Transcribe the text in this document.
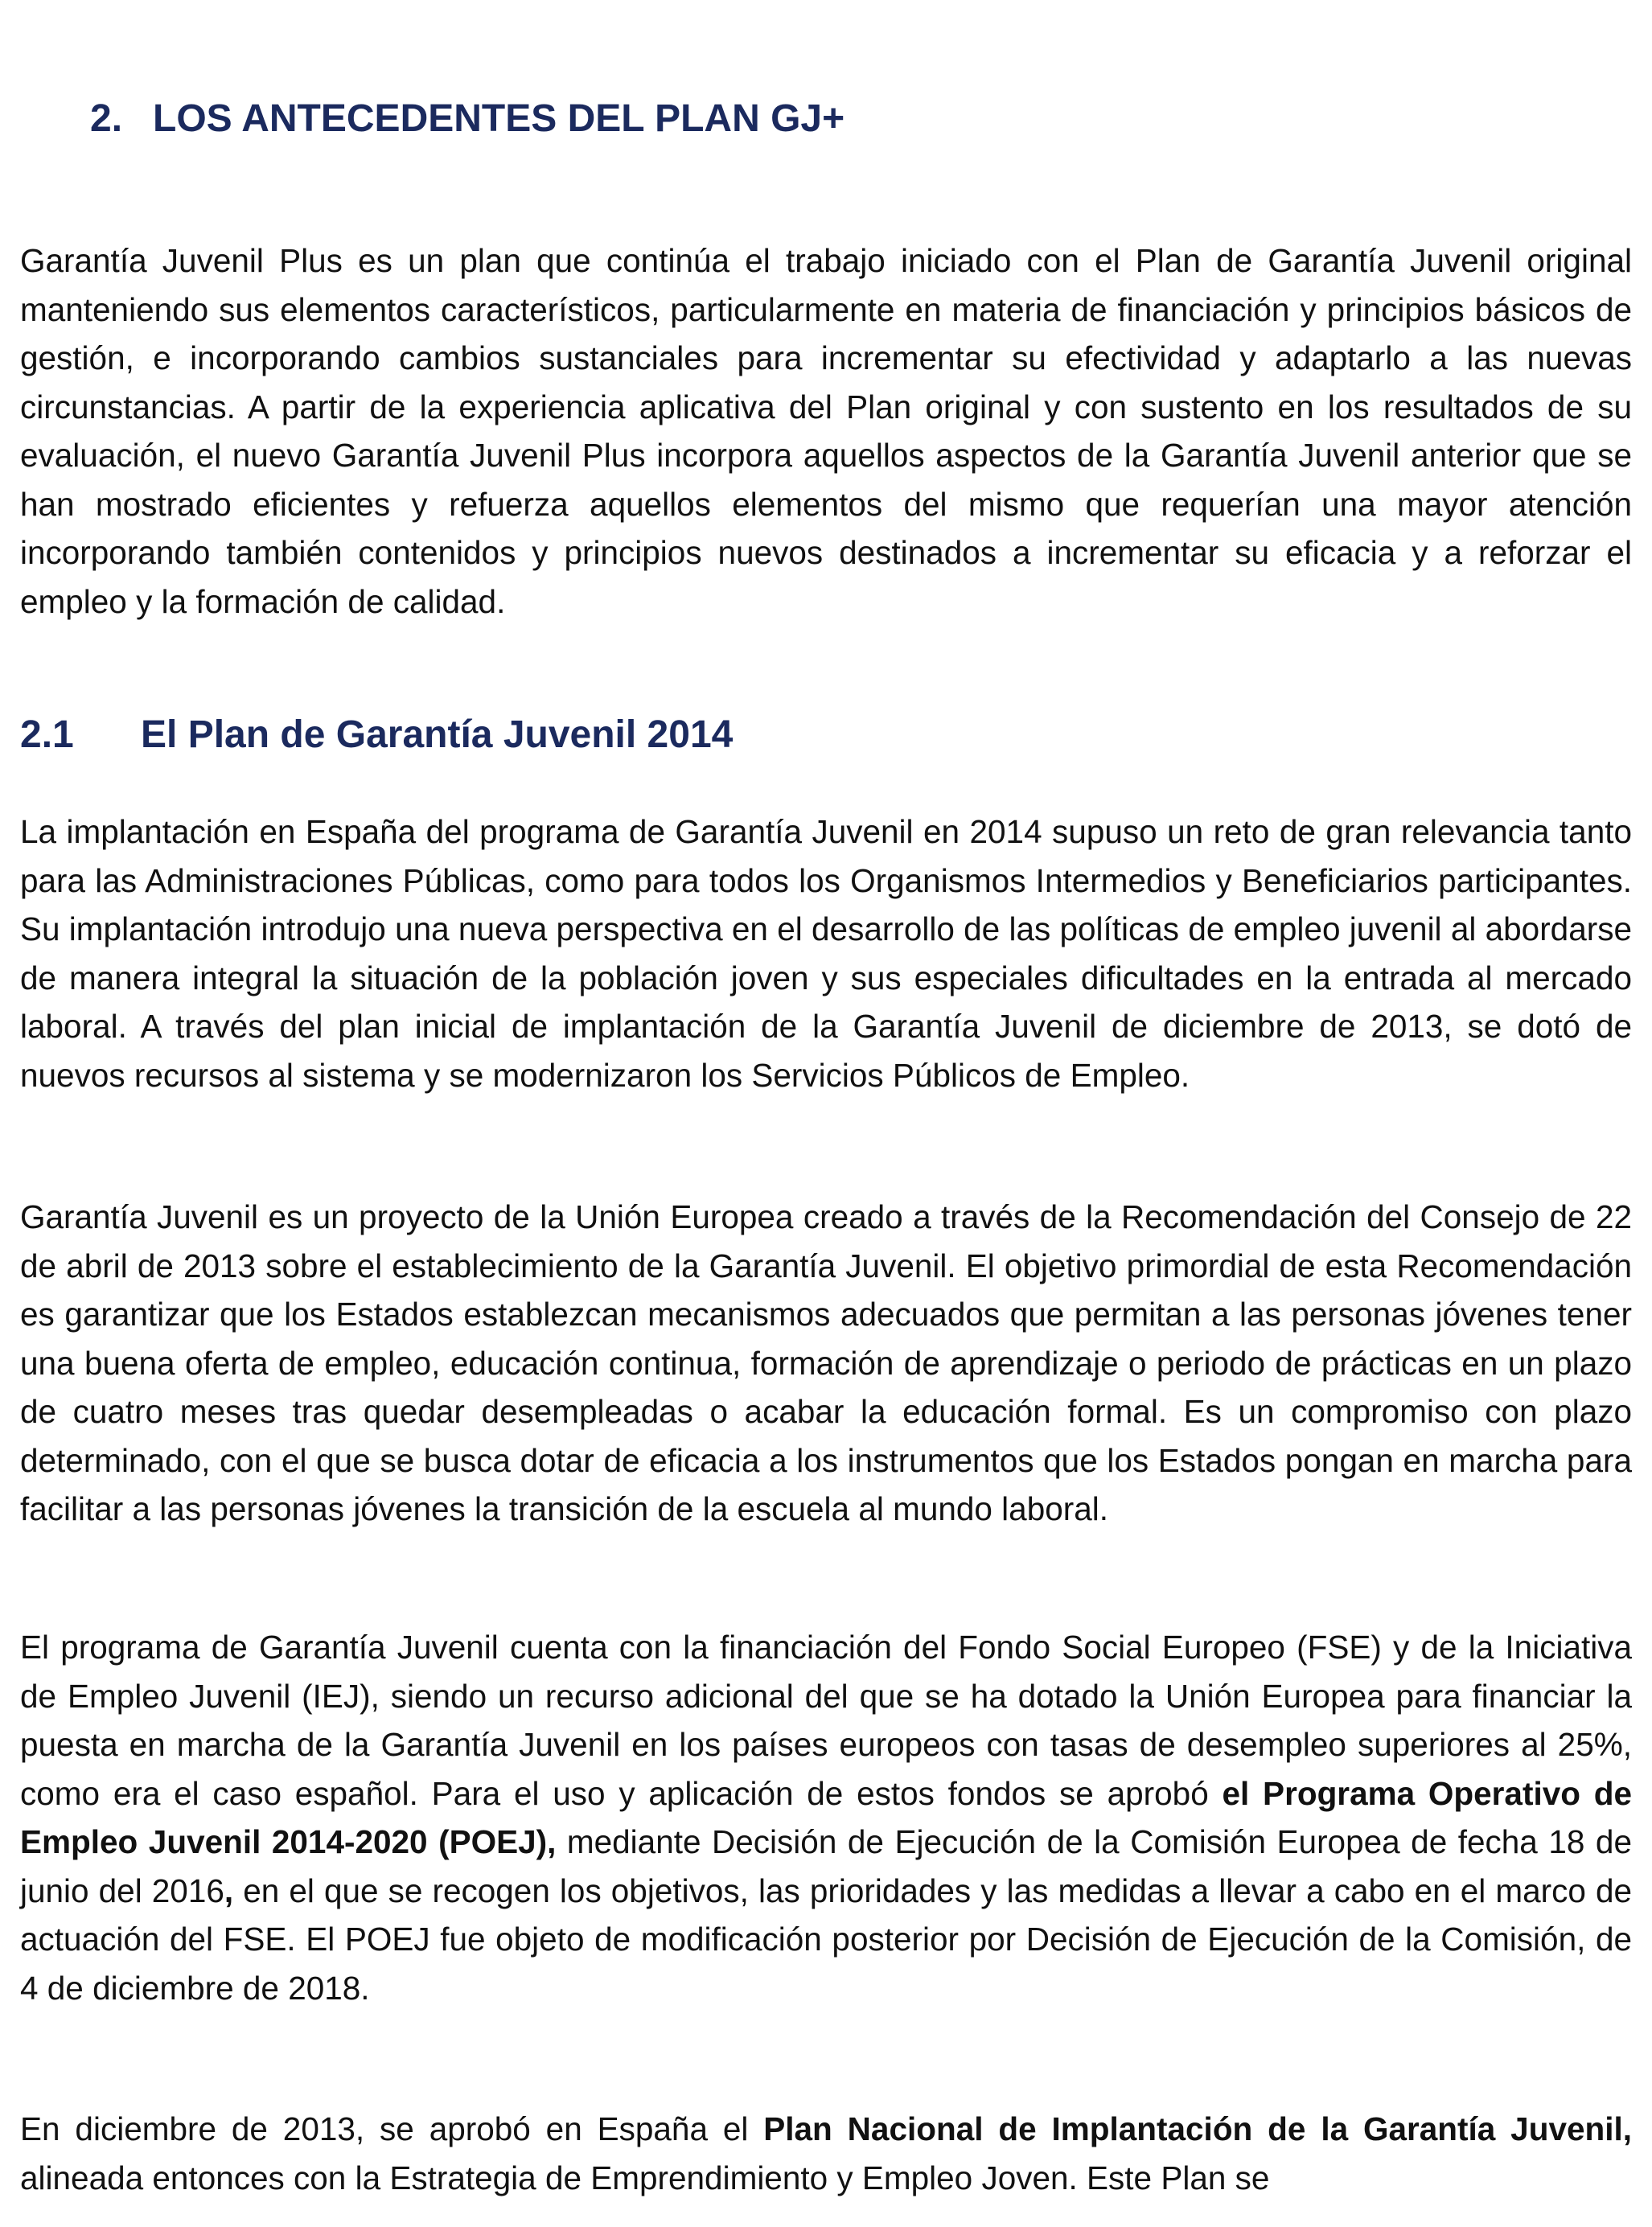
2. LOS ANTECEDENTES DEL PLAN GJ+

Garantía Juvenil Plus es un plan que continúa el trabajo iniciado con el Plan de Garantía Juvenil original manteniendo sus elementos característicos, particularmente en materia de financiación y principios básicos de gestión, e incorporando cambios sustanciales para incrementar su efectividad y adaptarlo a las nuevas circunstancias. A partir de la experiencia aplicativa del Plan original y con sustento en los resultados de su evaluación, el nuevo Garantía Juvenil Plus incorpora aquellos aspectos de la Garantía Juvenil anterior que se han mostrado eficientes y refuerza aquellos elementos del mismo que requerían una mayor atención incorporando también contenidos y principios nuevos destinados a incrementar su eficacia y a reforzar el empleo y la formación de calidad.

2.1 El Plan de Garantía Juvenil 2014

La implantación en España del programa de Garantía Juvenil en 2014 supuso un reto de gran relevancia tanto para las Administraciones Públicas, como para todos los Organismos Intermedios y Beneficiarios participantes. Su implantación introdujo una nueva perspectiva en el desarrollo de las políticas de empleo juvenil al abordarse de manera integral la situación de la población joven y sus especiales dificultades en la entrada al mercado laboral. A través del plan inicial de implantación de la Garantía Juvenil de diciembre de 2013, se dotó de nuevos recursos al sistema y se modernizaron los Servicios Públicos de Empleo.

Garantía Juvenil es un proyecto de la Unión Europea creado a través de la Recomendación del Consejo de 22 de abril de 2013 sobre el establecimiento de la Garantía Juvenil. El objetivo primordial de esta Recomendación es garantizar que los Estados establezcan mecanismos adecuados que permitan a las personas jóvenes tener una buena oferta de empleo, educación continua, formación de aprendizaje o periodo de prácticas en un plazo de cuatro meses tras quedar desempleadas o acabar la educación formal. Es un compromiso con plazo determinado, con el que se busca dotar de eficacia a los instrumentos que los Estados pongan en marcha para facilitar a las personas jóvenes la transición de la escuela al mundo laboral.

El programa de Garantía Juvenil cuenta con la financiación del Fondo Social Europeo (FSE) y de la Iniciativa de Empleo Juvenil (IEJ), siendo un recurso adicional del que se ha dotado la Unión Europea para financiar la puesta en marcha de la Garantía Juvenil en los países europeos con tasas de desempleo superiores al 25%, como era el caso español. Para el uso y aplicación de estos fondos se aprobó el Programa Operativo de Empleo Juvenil 2014-2020 (POEJ), mediante Decisión de Ejecución de la Comisión Europea de fecha 18 de junio del 2016, en el que se recogen los objetivos, las prioridades y las medidas a llevar a cabo en el marco de actuación del FSE. El POEJ fue objeto de modificación posterior por Decisión de Ejecución de la Comisión, de 4 de diciembre de 2018.

En diciembre de 2013, se aprobó en España el Plan Nacional de Implantación de la Garantía Juvenil, alineada entonces con la Estrategia de Emprendimiento y Empleo Joven. Este Plan se
